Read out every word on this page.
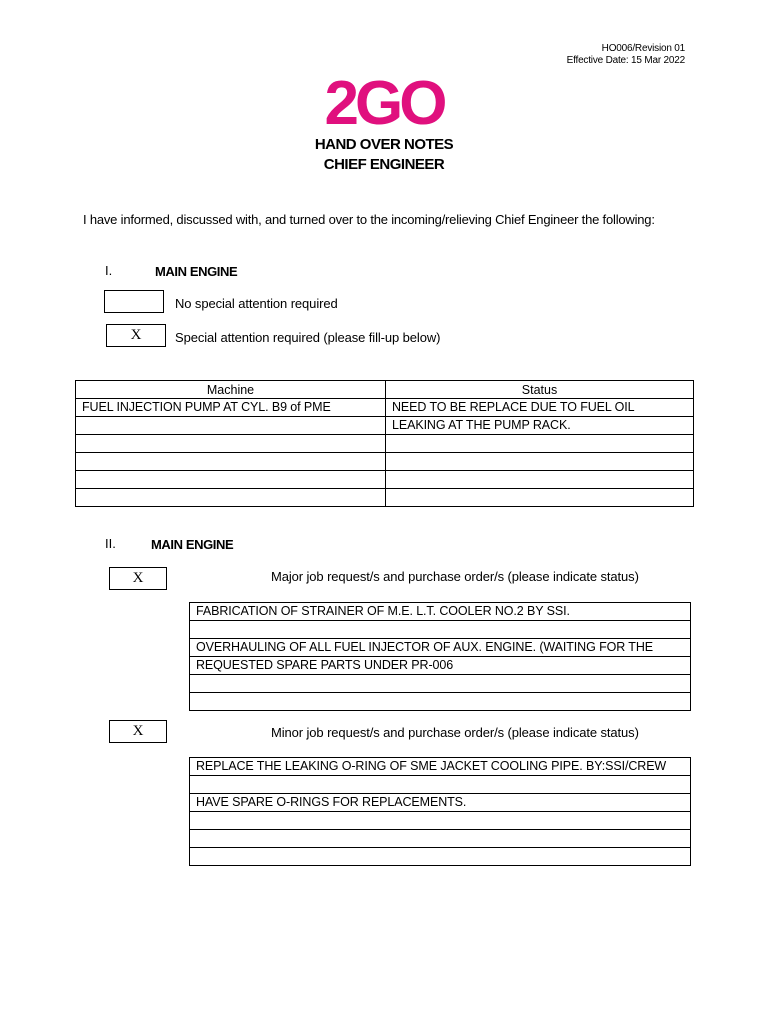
HO006/Revision 01
Effective Date: 15 Mar 2022
2GO
HAND OVER NOTES
CHIEF ENGINEER
I have informed, discussed with, and turned over to the incoming/relieving Chief Engineer the following:
I.	MAIN ENGINE
No special attention required
X	Special attention required (please fill-up below)
Machine	Status
FUEL INJECTION PUMP AT CYL. B9 of PME	NEED TO BE REPLACE DUE TO FUEL OIL
	LEAKING AT THE PUMP RACK.

II.	MAIN ENGINE
X	Major job request/s and purchase order/s (please indicate status)
FABRICATION OF STRAINER OF M.E. L.T. COOLER NO.2 BY SSI.

OVERHAULING OF ALL FUEL INJECTOR OF AUX. ENGINE. (WAITING FOR THE
REQUESTED SPARE PARTS UNDER PR-006

X	Minor job request/s and purchase order/s (please indicate status)
REPLACE THE LEAKING O-RING OF SME JACKET COOLING PIPE. BY:SSI/CREW

HAVE SPARE O-RINGS FOR REPLACEMENTS.
